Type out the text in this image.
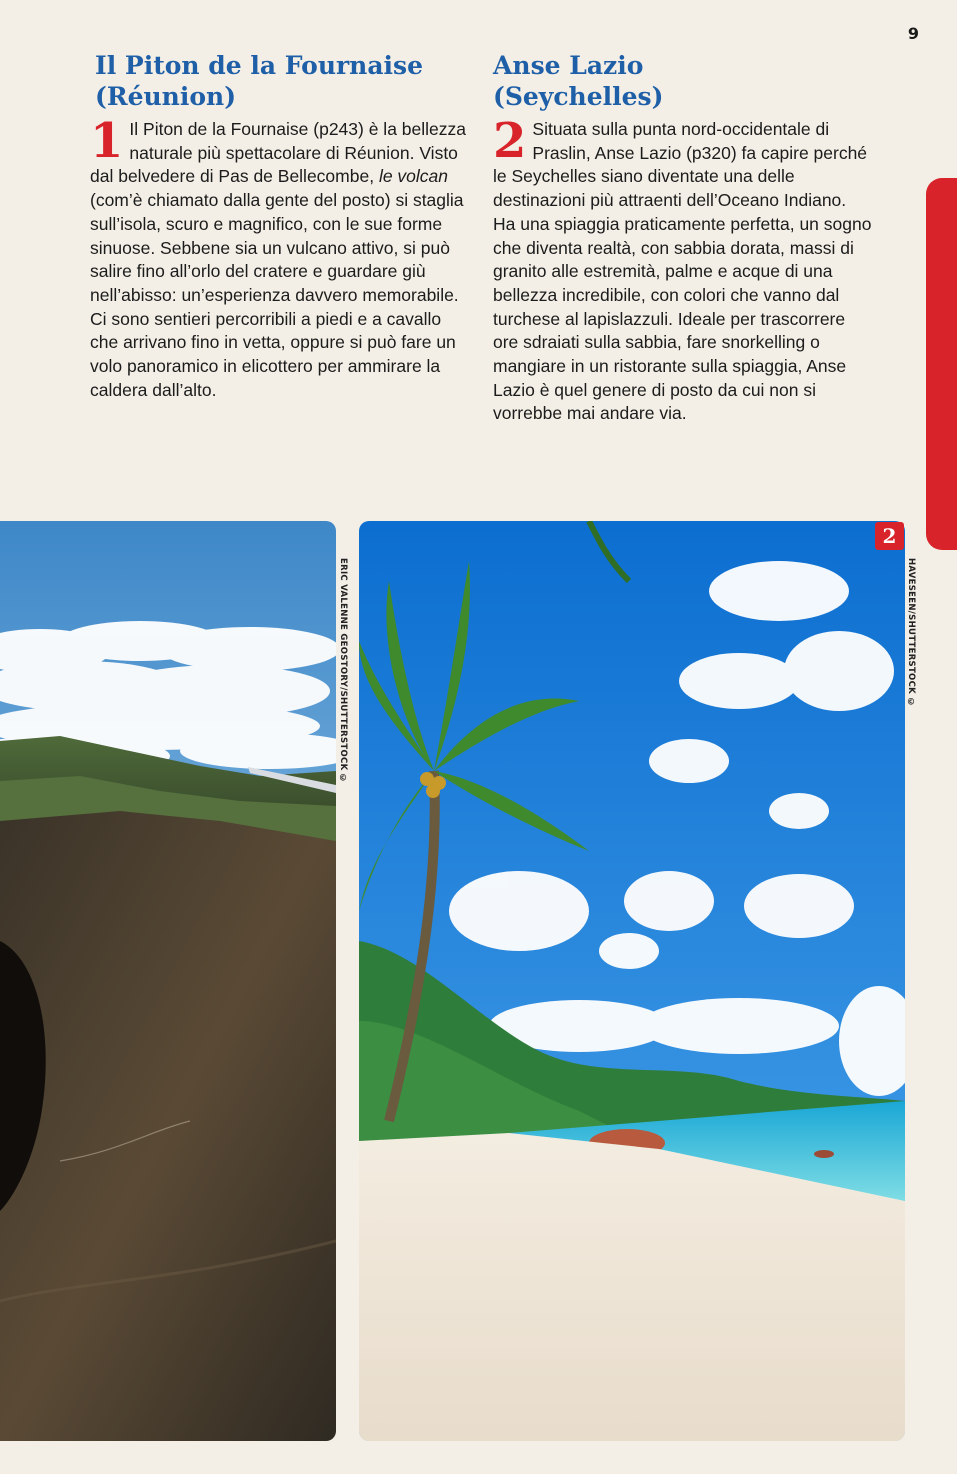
9
Il Piton de la Fournaise
(Réunion)

1 Il Piton de la Fournaise (p243) è la bellezza naturale più spettacolare di Réunion. Visto dal belvedere di Pas de Bellecombe, le volcan (com’è chiamato dalla gente del posto) si staglia sull’isola, scuro e magnifico, con le sue forme sinuose. Sebbene sia un vulcano attivo, si può salire fino all’orlo del cratere e guardare giù nell’abisso: un’esperienza davvero memorabile. Ci sono sentieri percorribili a piedi e a cavallo che arrivano fino in vetta, oppure si può fare un volo panoramico in elicottero per ammirare la caldera dall’alto.

Anse Lazio
(Seychelles)

2 Situata sulla punta nord-occidentale di Praslin, Anse Lazio (p320) fa capire perché le Seychelles siano diventate una delle destinazioni più attraenti dell’Oceano Indiano. Ha una spiaggia praticamente perfetta, un sogno che diventa realtà, con sabbia dorata, massi di granito alle estremità, palme e acque di una bellezza incredibile, con colori che vanno dal turchese al lapislazzuli. Ideale per trascorrere ore sdraiati sulla sabbia, fare snorkelling o mangiare in un ristorante sulla spiaggia, Anse Lazio è quel genere di posto da cui non si vorrebbe mai andare via.

ERIC VALENNE GEOSTORY/SHUTTERSTOCK ©
2
HAVESEEN/SHUTTERSTOCK ©
